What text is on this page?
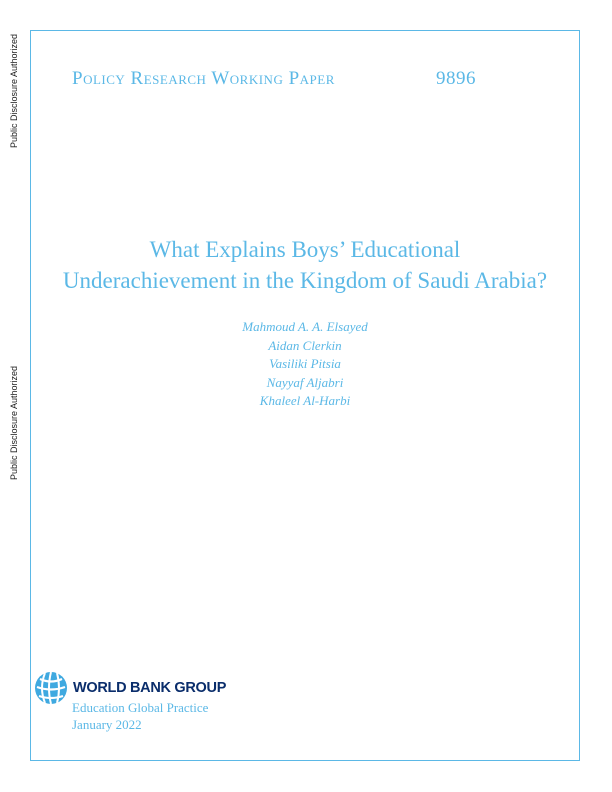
Public Disclosure Authorized
Public Disclosure Authorized
Policy Research Working Paper	9896
What Explains Boys’ Educational
Underachievement in the Kingdom of Saudi Arabia?
Mahmoud A. A. Elsayed
Aidan Clerkin
Vasiliki Pitsia
Nayyaf Aljabri
Khaleel Al-Harbi
WORLD BANK GROUP
Education Global Practice
January 2022
